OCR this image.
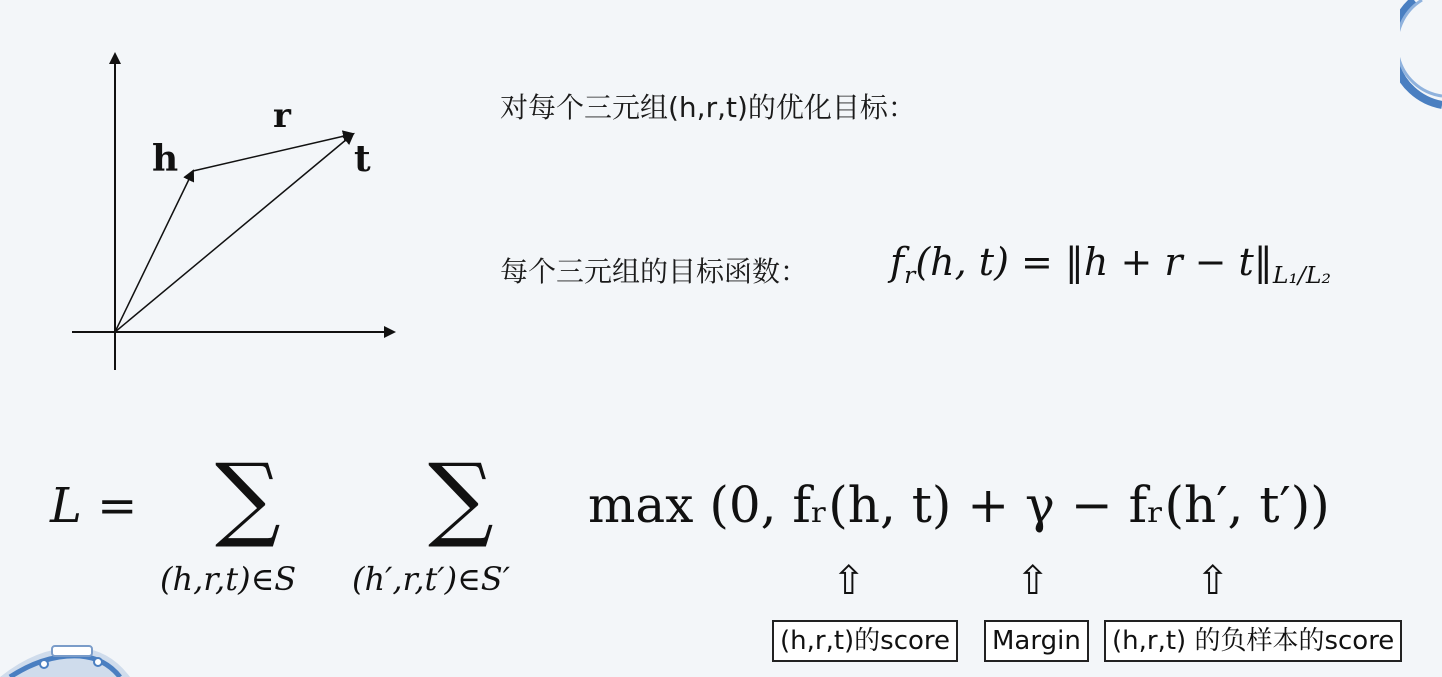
h
r
t
对每个三元组(h,r,t)的优化目标：
每个三元组的目标函数： $f_r(h$, t) = ‖h + $r - t‖_{L_1/L_2}$
L = ∑
(h,r,t)∈S
∑
(h′,r,t′)∈S′
max (0, fᵣ(h, t) + γ − fᵣ(h′, t′))
⇧	⇧	⇧
(h,r,t)的score	Margin	(h,r,t) 的负样本的score
